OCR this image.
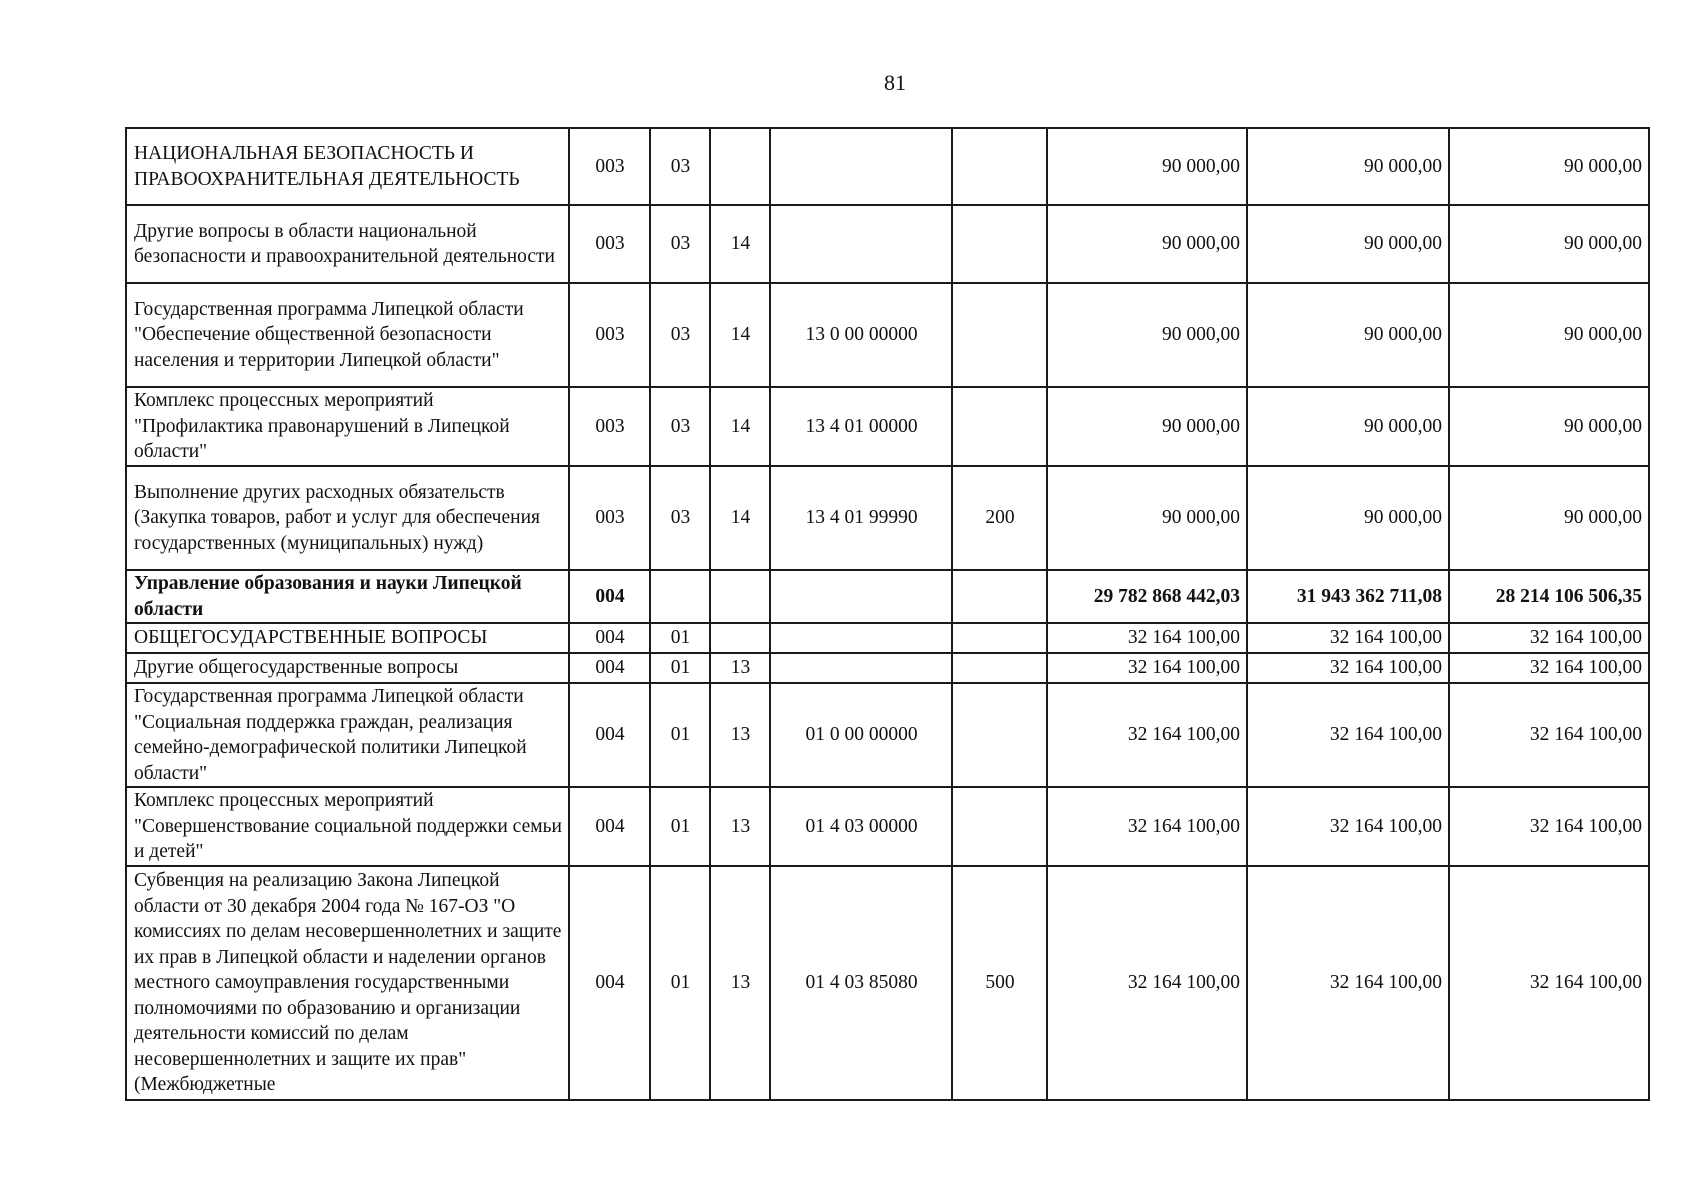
81
НАЦИОНАЛЬНАЯ БЕЗОПАСНОСТЬ И ПРАВООХРАНИТЕЛЬНАЯ ДЕЯТЕЛЬНОСТЬ	003	03				90 000,00	90 000,00	90 000,00
Другие вопросы в области национальной безопасности и правоохранительной деятельности	003	03	14			90 000,00	90 000,00	90 000,00
Государственная программа Липецкой области "Обеспечение общественной безопасности населения и территории Липецкой области"	003	03	14	13 0 00 00000		90 000,00	90 000,00	90 000,00
Комплекс процессных мероприятий "Профилактика правонарушений в Липецкой области"	003	03	14	13 4 01 00000		90 000,00	90 000,00	90 000,00
Выполнение других расходных обязательств (Закупка товаров, работ и услуг для обеспечения государственных (муниципальных) нужд)	003	03	14	13 4 01 99990	200	90 000,00	90 000,00	90 000,00
Управление образования и науки Липецкой области	004					29 782 868 442,03	31 943 362 711,08	28 214 106 506,35
ОБЩЕГОСУДАРСТВЕННЫЕ ВОПРОСЫ	004	01				32 164 100,00	32 164 100,00	32 164 100,00
Другие общегосударственные вопросы	004	01	13			32 164 100,00	32 164 100,00	32 164 100,00
Государственная программа Липецкой области "Социальная поддержка граждан, реализация семейно-демографической политики Липецкой области"	004	01	13	01 0 00 00000		32 164 100,00	32 164 100,00	32 164 100,00
Комплекс процессных мероприятий "Совершенствование социальной поддержки семьи и детей"	004	01	13	01 4 03 00000		32 164 100,00	32 164 100,00	32 164 100,00
Субвенция на реализацию Закона Липецкой области от 30 декабря 2004 года № 167-ОЗ "О комиссиях по делам несовершеннолетних и защите их прав в Липецкой области и наделении органов местного самоуправления государственными полномочиями по образованию и организации деятельности комиссий по делам несовершеннолетних и защите их прав" (Межбюджетные	004	01	13	01 4 03 85080	500	32 164 100,00	32 164 100,00	32 164 100,00
